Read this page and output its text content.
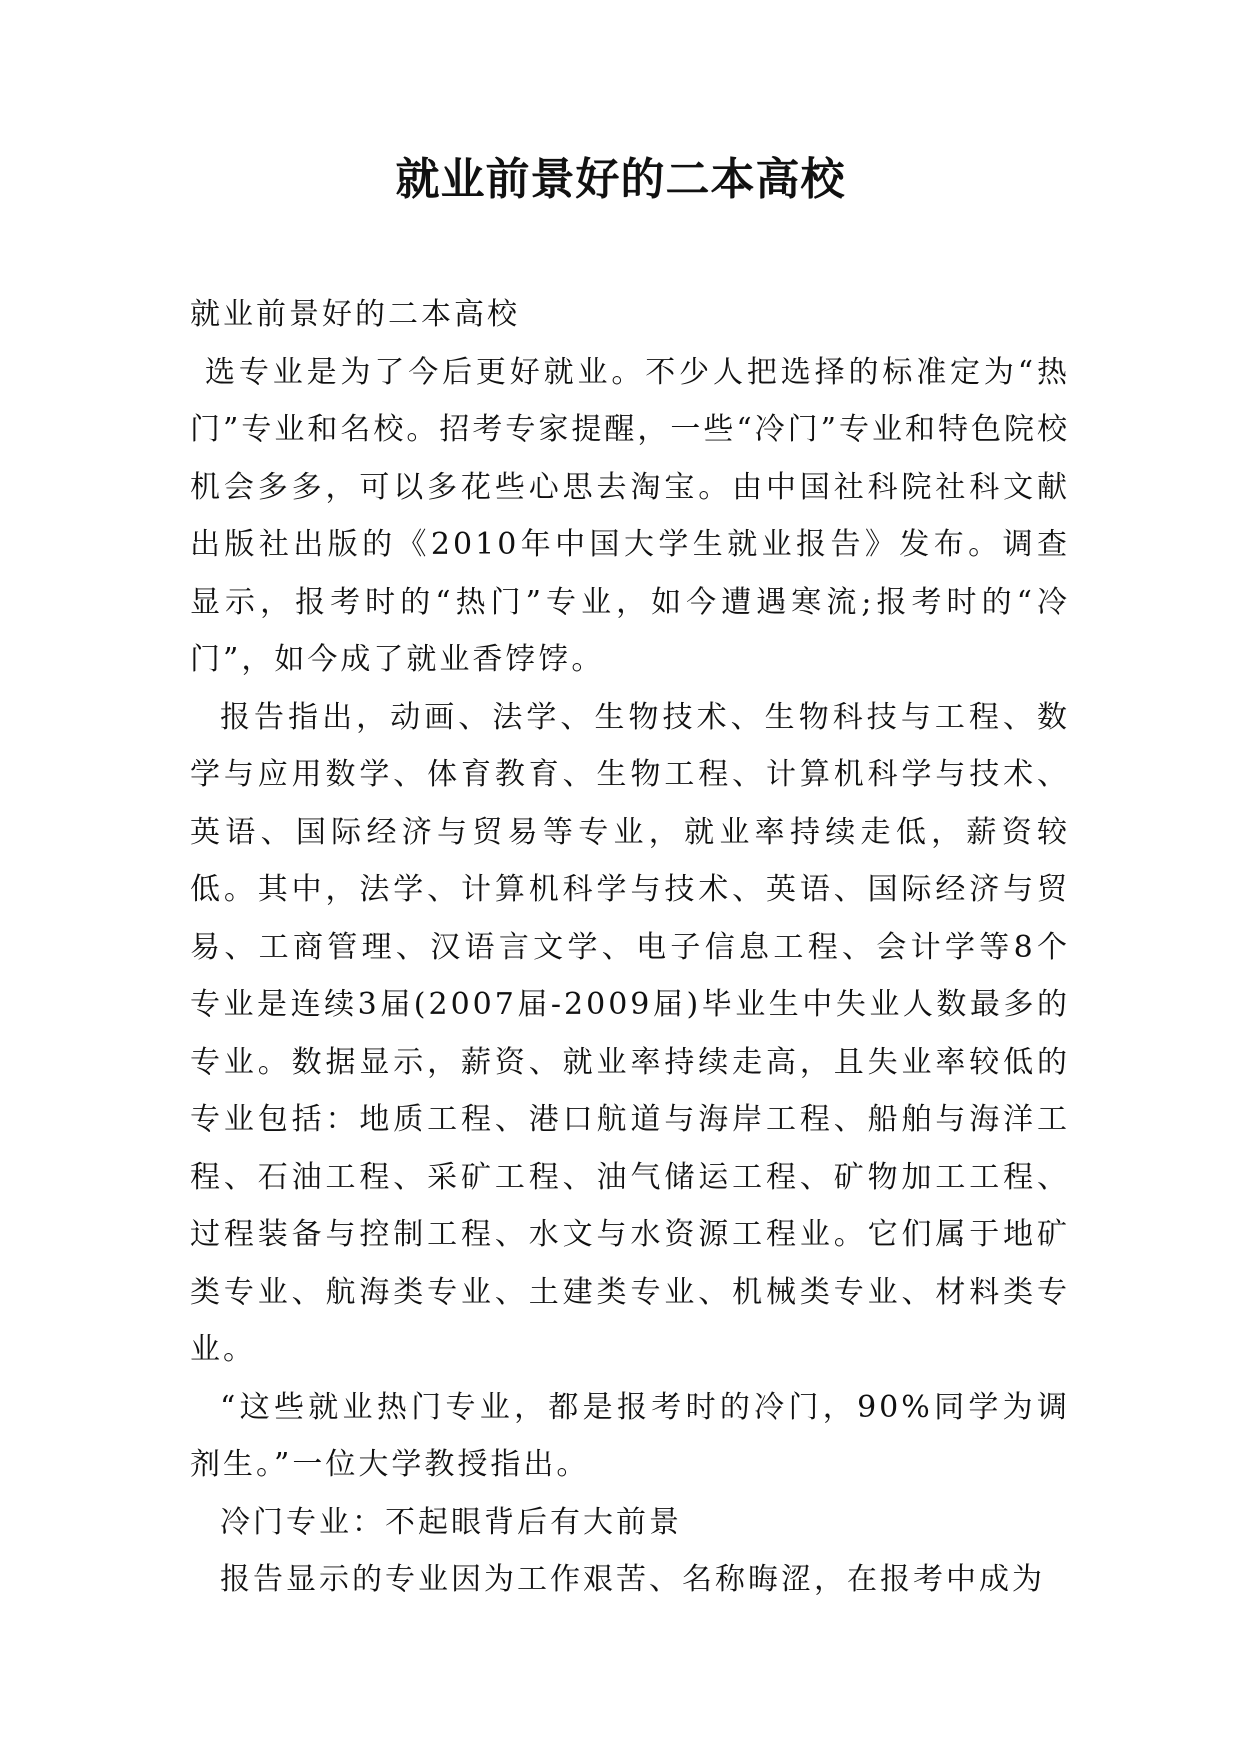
就业前景好的二本高校

就业前景好的二本高校

选专业是为了今后更好就业。不少人把选择的标准定为“热门”专业和名校。招考专家提醒，一些“冷门”专业和特色院校机会多多，可以多花些心思去淘宝。由中国社科院社科文献出版社出版的《2010年中国大学生就业报告》发布。调查显示，报考时的“热门”专业，如今遭遇寒流;报考时的“冷门”，如今成了就业香饽饽。

报告指出，动画、法学、生物技术、生物科技与工程、数学与应用数学、体育教育、生物工程、计算机科学与技术、英语、国际经济与贸易等专业，就业率持续走低，薪资较低。其中，法学、计算机科学与技术、英语、国际经济与贸易、工商管理、汉语言文学、电子信息工程、会计学等8个专业是连续3届(2007届-2009届)毕业生中失业人数最多的专业。数据显示，薪资、就业率持续走高，且失业率较低的专业包括：地质工程、港口航道与海岸工程、船舶与海洋工程、石油工程、采矿工程、油气储运工程、矿物加工工程、过程装备与控制工程、水文与水资源工程业。它们属于地矿类专业、航海类专业、土建类专业、机械类专业、材料类专业。

“这些就业热门专业，都是报考时的冷门，90%同学为调剂生。”一位大学教授指出。

冷门专业：不起眼背后有大前景

报告显示的专业因为工作艰苦、名称晦涩，在报考中成为
